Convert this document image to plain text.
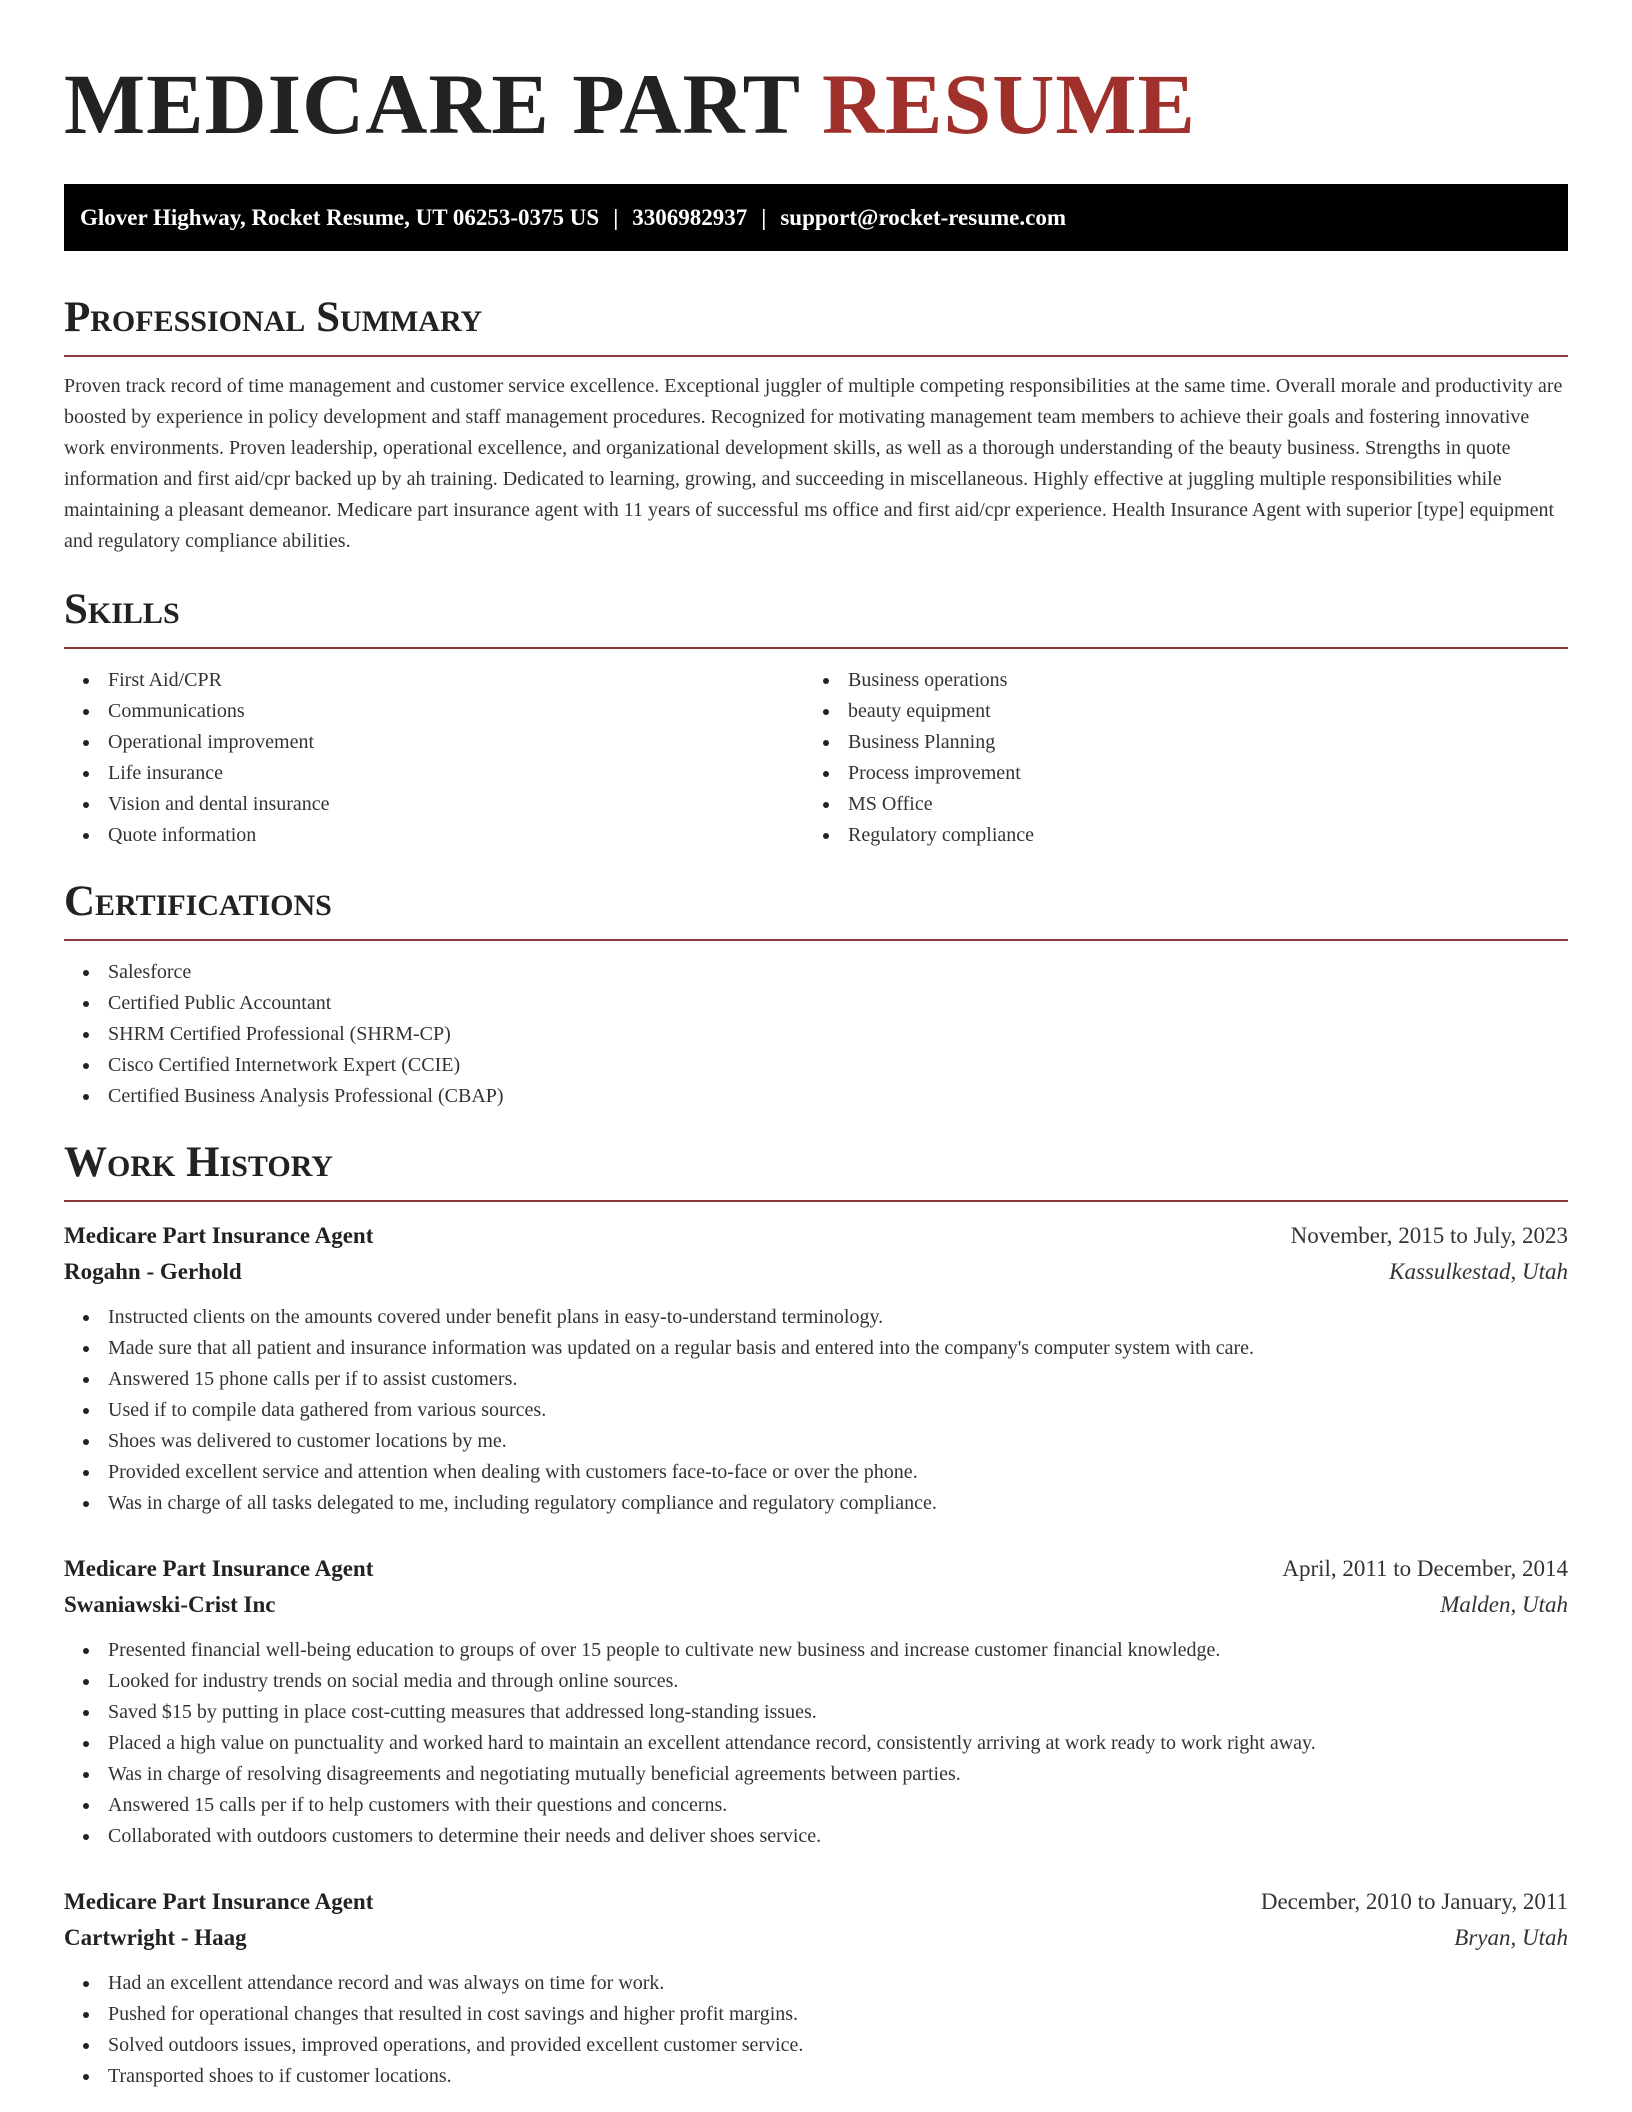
MEDICARE PART RESUME
Glover Highway, Rocket Resume, UT 06253-0375 US | 3306982937 | support@rocket-resume.com
Professional Summary

Proven track record of time management and customer service excellence. Exceptional juggler of multiple competing responsibilities at the same time. Overall morale and productivity are boosted by experience in policy development and staff management procedures. Recognized for motivating management team members to achieve their goals and fostering innovative work environments. Proven leadership, operational excellence, and organizational development skills, as well as a thorough understanding of the beauty business. Strengths in quote information and first aid/cpr backed up by ah training. Dedicated to learning, growing, and succeeding in miscellaneous. Highly effective at juggling multiple responsibilities while maintaining a pleasant demeanor. Medicare part insurance agent with 11 years of successful ms office and first aid/cpr experience. Health Insurance Agent with superior [type] equipment and regulatory compliance abilities.

Skills
First Aid/CPR
Communications
Operational improvement
Life insurance
Vision and dental insurance
Quote information
Business operations
beauty equipment
Business Planning
Process improvement
MS Office
Regulatory compliance
Certifications
Salesforce
Certified Public Accountant
SHRM Certified Professional (SHRM-CP)
Cisco Certified Internetwork Expert (CCIE)
Certified Business Analysis Professional (CBAP)
Work History
Medicare Part Insurance Agent	November, 2015 to July, 2023
Rogahn - Gerhold	Kassulkestad, Utah
Instructed clients on the amounts covered under benefit plans in easy-to-understand terminology.
Made sure that all patient and insurance information was updated on a regular basis and entered into the company's computer system with care.
Answered 15 phone calls per if to assist customers.
Used if to compile data gathered from various sources.
Shoes was delivered to customer locations by me.
Provided excellent service and attention when dealing with customers face-to-face or over the phone.
Was in charge of all tasks delegated to me, including regulatory compliance and regulatory compliance.
Medicare Part Insurance Agent	April, 2011 to December, 2014
Swaniawski-Crist Inc	Malden, Utah
Presented financial well-being education to groups of over 15 people to cultivate new business and increase customer financial knowledge.
Looked for industry trends on social media and through online sources.
Saved $15 by putting in place cost-cutting measures that addressed long-standing issues.
Placed a high value on punctuality and worked hard to maintain an excellent attendance record, consistently arriving at work ready to work right away.
Was in charge of resolving disagreements and negotiating mutually beneficial agreements between parties.
Answered 15 calls per if to help customers with their questions and concerns.
Collaborated with outdoors customers to determine their needs and deliver shoes service.
Medicare Part Insurance Agent	December, 2010 to January, 2011
Cartwright - Haag	Bryan, Utah
Had an excellent attendance record and was always on time for work.
Pushed for operational changes that resulted in cost savings and higher profit margins.
Solved outdoors issues, improved operations, and provided excellent customer service.
Transported shoes to if customer locations.
